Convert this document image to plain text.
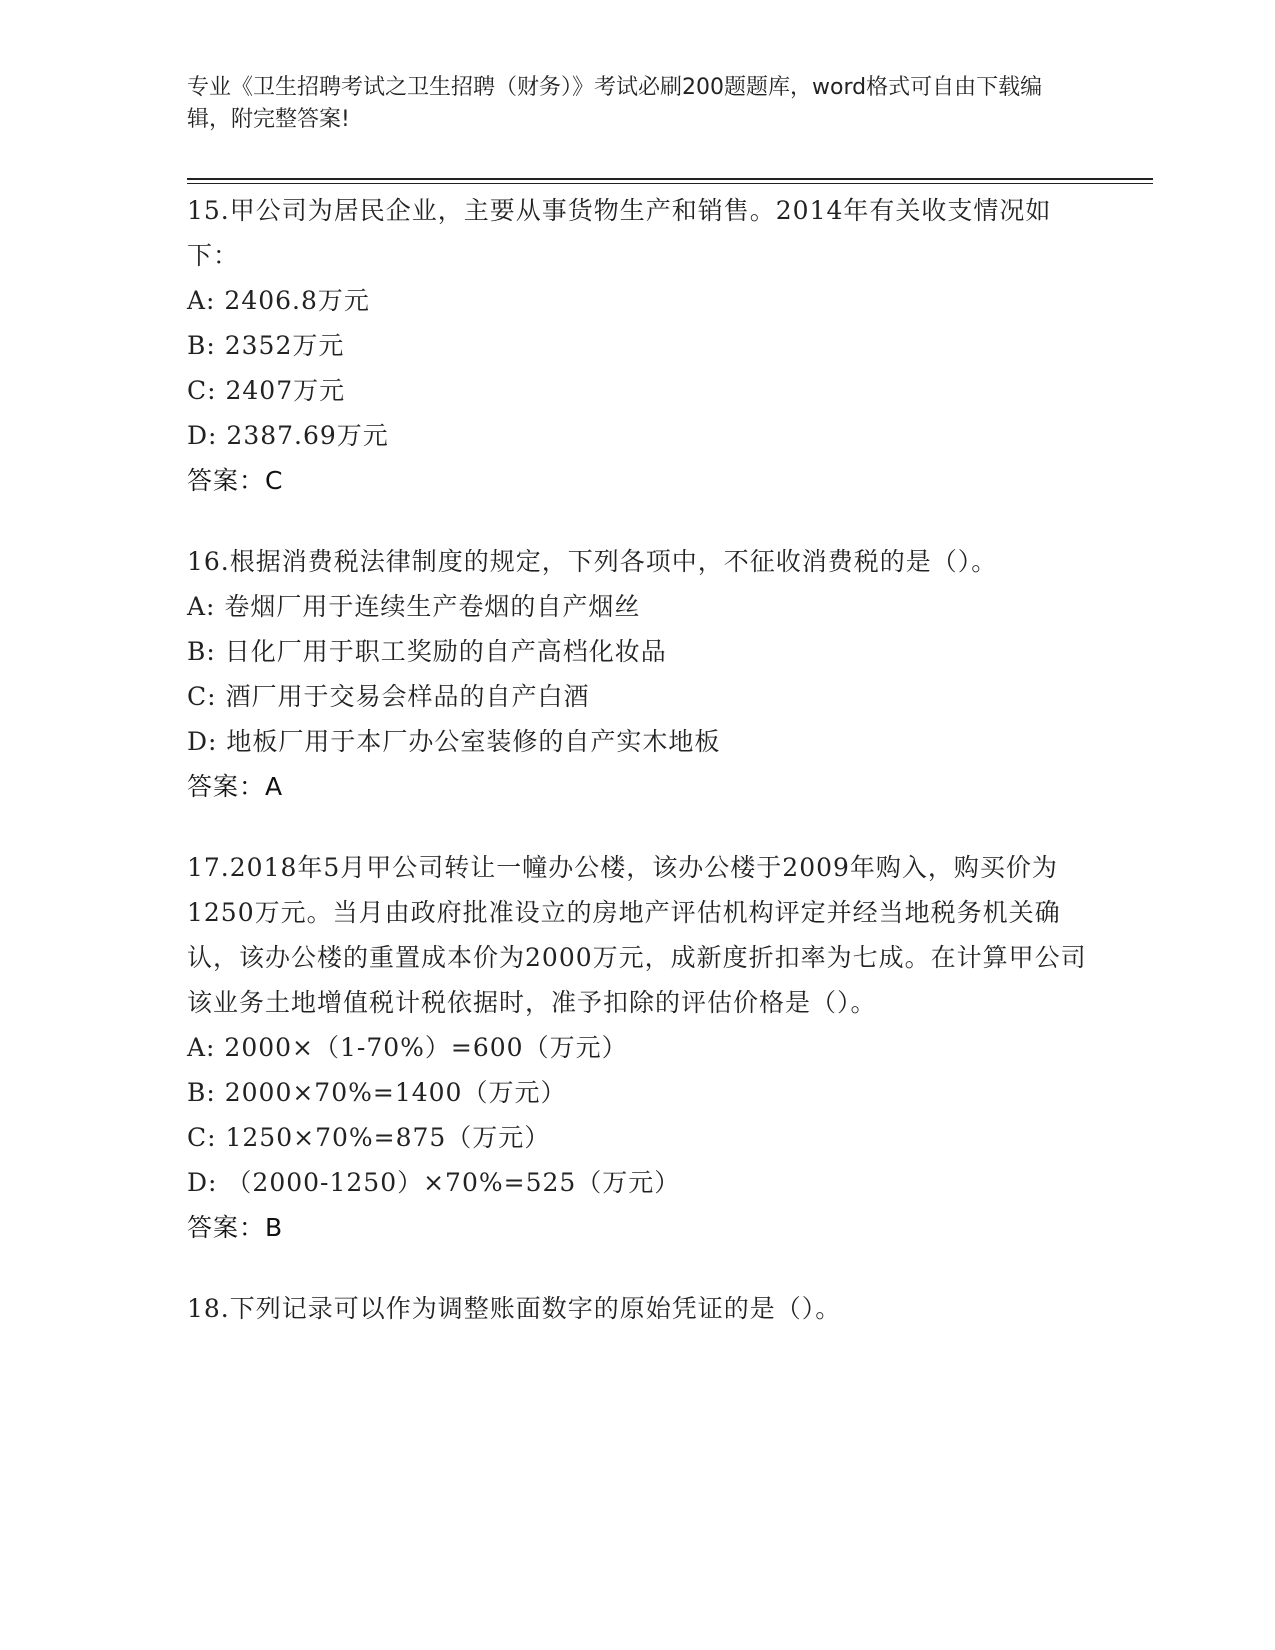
专业《卫生招聘考试之卫生招聘（财务）》考试必刷200题题库，word格式可自由下载编辑，附完整答案!
15.甲公司为居民企业，主要从事货物生产和销售。2014年有关收支情况如下：
A: 2406.8万元
B: 2352万元
C: 2407万元
D: 2387.69万元
答案：C
16.根据消费税法律制度的规定，下列各项中，不征收消费税的是（）。
A: 卷烟厂用于连续生产卷烟的自产烟丝
B: 日化厂用于职工奖励的自产高档化妆品
C: 酒厂用于交易会样品的自产白酒
D: 地板厂用于本厂办公室装修的自产实木地板
答案：A
17.2018年5月甲公司转让一幢办公楼，该办公楼于2009年购入，购买价为1250万元。当月由政府批准设立的房地产评估机构评定并经当地税务机关确认，该办公楼的重置成本价为2000万元，成新度折扣率为七成。在计算甲公司该业务土地增值税计税依据时，准予扣除的评估价格是（）。
A: 2000×（1-70%）=600（万元）
B: 2000×70%=1400（万元）
C: 1250×70%=875（万元）
D: （2000-1250）×70%=525（万元）
答案：B
18.下列记录可以作为调整账面数字的原始凭证的是（）。
